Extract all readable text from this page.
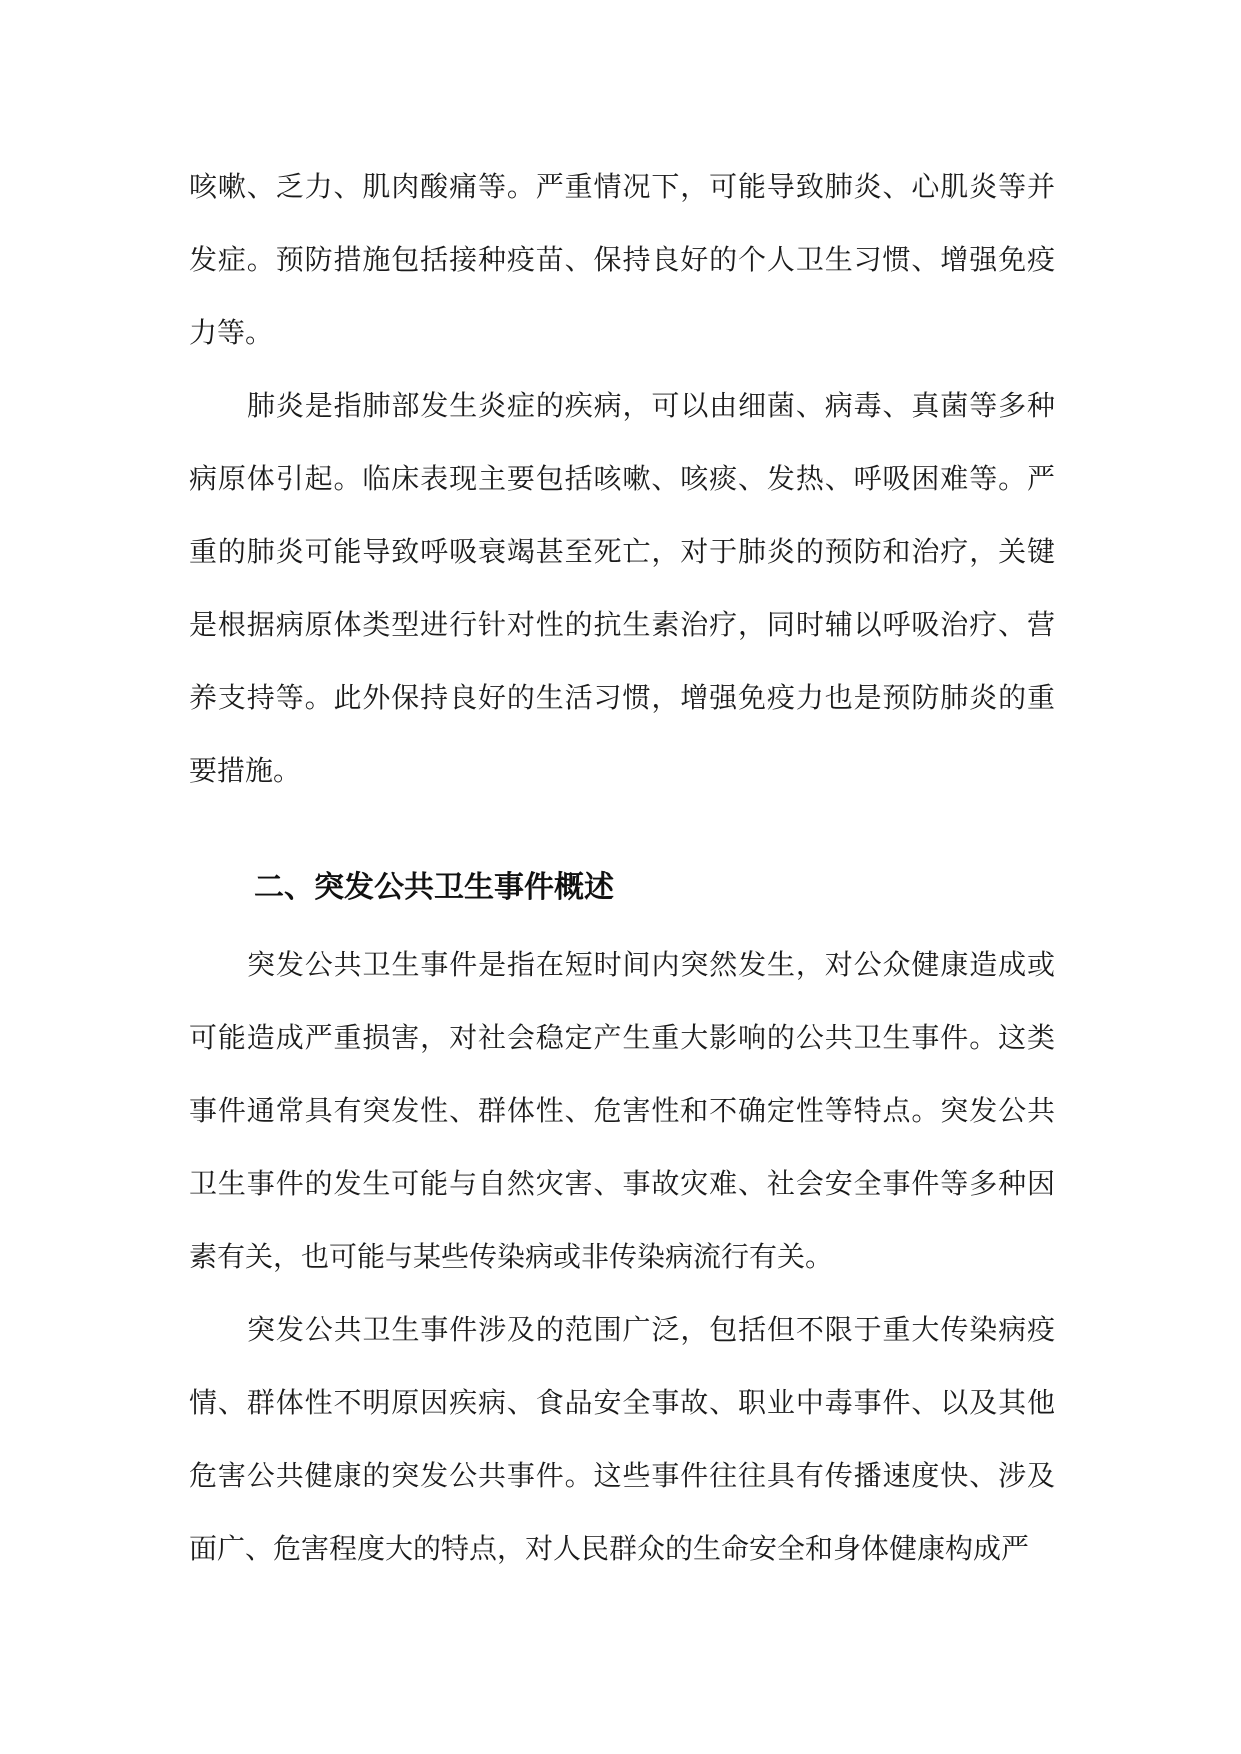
咳嗽、乏力、肌肉酸痛等。严重情况下，可能导致肺炎、心肌炎等并发症。预防措施包括接种疫苗、保持良好的个人卫生习惯、增强免疫力等。

肺炎是指肺部发生炎症的疾病，可以由细菌、病毒、真菌等多种病原体引起。临床表现主要包括咳嗽、咳痰、发热、呼吸困难等。严重的肺炎可能导致呼吸衰竭甚至死亡，对于肺炎的预防和治疗，关键是根据病原体类型进行针对性的抗生素治疗，同时辅以呼吸治疗、营养支持等。此外保持良好的生活习惯，增强免疫力也是预防肺炎的重要措施。

二、突发公共卫生事件概述

突发公共卫生事件是指在短时间内突然发生，对公众健康造成或可能造成严重损害，对社会稳定产生重大影响的公共卫生事件。这类事件通常具有突发性、群体性、危害性和不确定性等特点。突发公共卫生事件的发生可能与自然灾害、事故灾难、社会安全事件等多种因素有关，也可能与某些传染病或非传染病流行有关。

突发公共卫生事件涉及的范围广泛，包括但不限于重大传染病疫情、群体性不明原因疾病、食品安全事故、职业中毒事件、以及其他危害公共健康的突发公共事件。这些事件往往具有传播速度快、涉及面广、危害程度大的特点，对人民群众的生命安全和身体健康构成严
